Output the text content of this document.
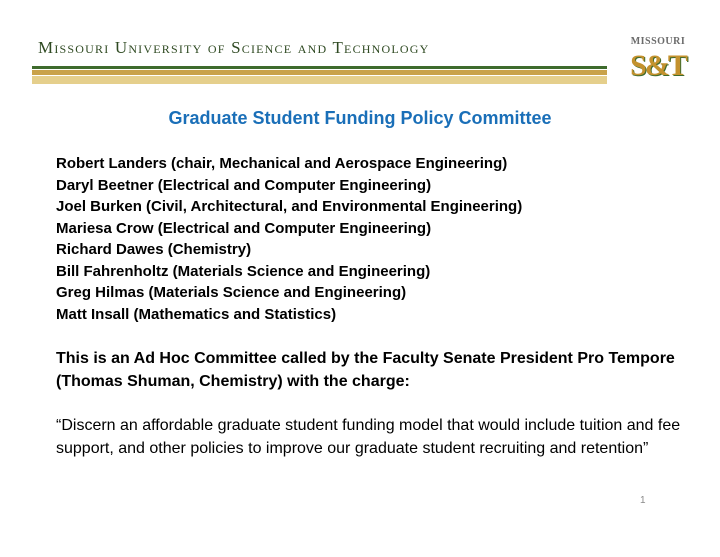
Missouri University of Science and Technology	MISSOURI
S&T
Graduate Student Funding Policy Committee
Robert Landers (chair, Mechanical and Aerospace Engineering)
Daryl Beetner (Electrical and Computer Engineering)
Joel Burken (Civil, Architectural, and Environmental Engineering)
Mariesa Crow (Electrical and Computer Engineering)
Richard Dawes (Chemistry)
Bill Fahrenholtz (Materials Science and Engineering)
Greg Hilmas (Materials Science and Engineering)
Matt Insall (Mathematics and Statistics)
This is an Ad Hoc Committee called by the Faculty Senate President Pro Tempore (Thomas Shuman, Chemistry) with the charge:
“Discern an affordable graduate student funding model that would include tuition and fee support, and other policies to improve our graduate student recruiting and retention”
1
